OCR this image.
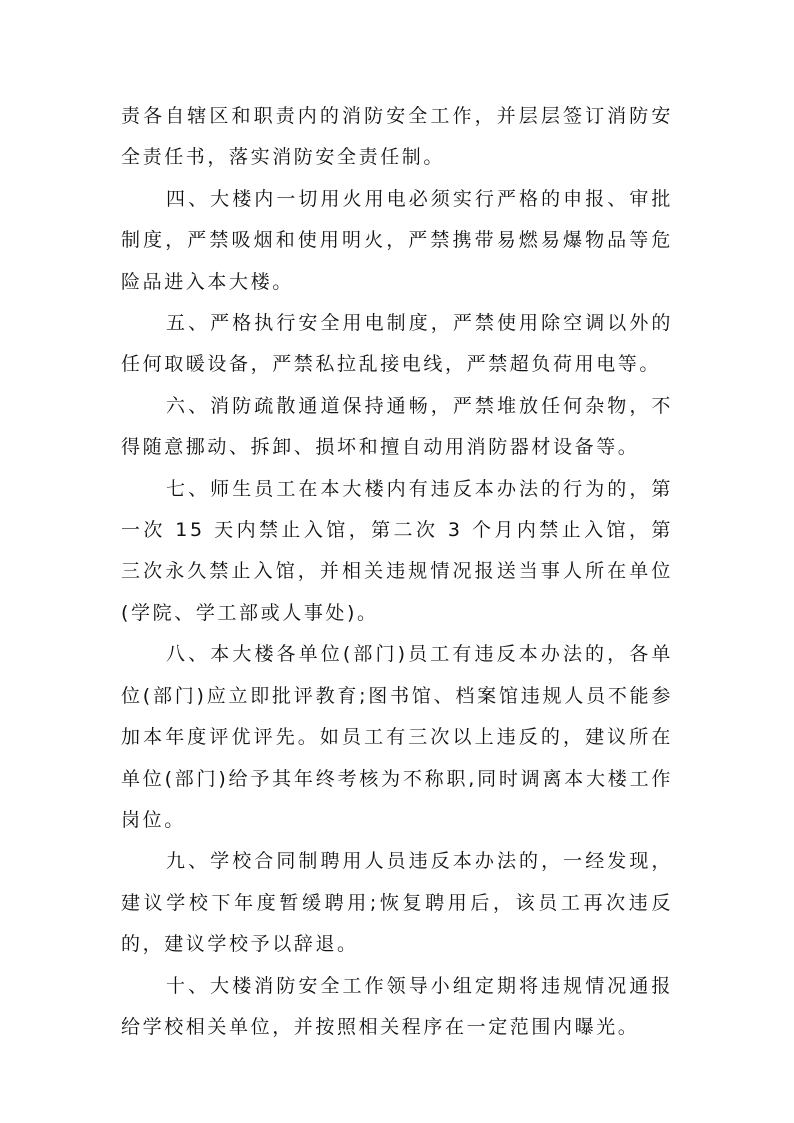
责各自辖区和职责内的消防安全工作，并层层签订消防安全责任书，落实消防安全责任制。

四、大楼内一切用火用电必须实行严格的申报、审批制度，严禁吸烟和使用明火，严禁携带易燃易爆物品等危险品进入本大楼。

五、严格执行安全用电制度，严禁使用除空调以外的任何取暖设备，严禁私拉乱接电线，严禁超负荷用电等。

六、消防疏散通道保持通畅，严禁堆放任何杂物，不得随意挪动、拆卸、损坏和擅自动用消防器材设备等。

七、师生员工在本大楼内有违反本办法的行为的，第一次 15 天内禁止入馆，第二次 3 个月内禁止入馆，第三次永久禁止入馆，并相关违规情况报送当事人所在单位(学院、学工部或人事处)。

八、本大楼各单位(部门)员工有违反本办法的，各单位(部门)应立即批评教育;图书馆、档案馆违规人员不能参加本年度评优评先。如员工有三次以上违反的，建议所在单位(部门)给予其年终考核为不称职,同时调离本大楼工作岗位。

九、学校合同制聘用人员违反本办法的，一经发现，建议学校下年度暂缓聘用;恢复聘用后，该员工再次违反的，建议学校予以辞退。

十、大楼消防安全工作领导小组定期将违规情况通报给学校相关单位，并按照相关程序在一定范围内曝光。
